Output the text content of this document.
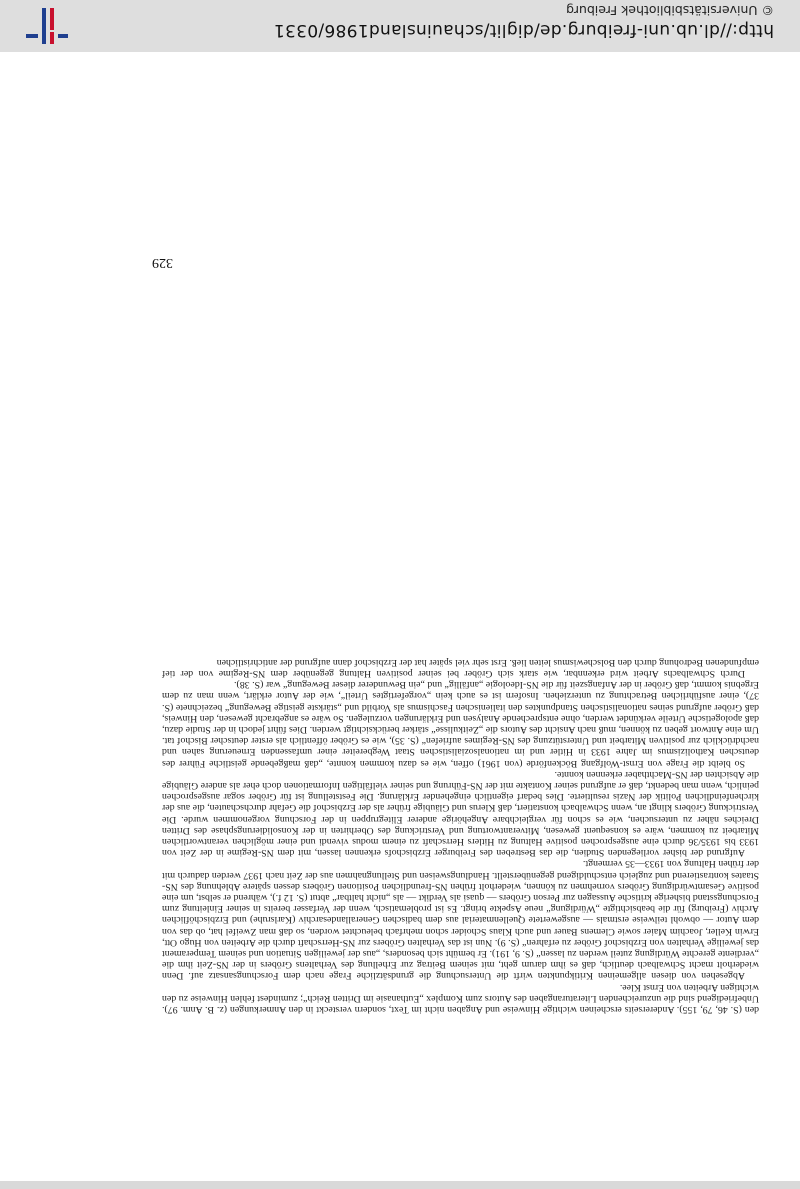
den (S. 46, 79, 155). Andererseits erscheinen wichtige Hinweise und Angaben nicht im Text, sondern versteckt in den Anmerkungen (z. B. Anm. 97). Unbefriedigend sind die unzureichenden Literaturangaben des Autors zum Komplex „Euthanasie im Dritten Reich“; zumindest fehlen Hinweise zu den wichtigen Arbeiten von Ernst Klee.

Abgesehen von diesen allgemeinen Kritikpunkten wirft die Untersuchung die grundsätzliche Frage nach dem Forschungsansatz auf. Denn wiederholt macht Schwalbach deutlich, daß es ihm darum geht, mit seinem Beitrag zur Erhellung des Verhaltens Gröbers in der NS-Zeit ihm die „verdiente gerechte Würdigung zuteil werden zu lassen“ (S. 9, 191). Er bemüht sich besonders, „aus der jeweiligen Situation und seinem Temperament das jeweilige Verhalten von Erzbischof Gröber zu erfahren“ (S. 9). Nun ist das Verhalten Gröbers zur NS-Herrschaft durch die Arbeiten von Hugo Ott, Erwin Keller, Joachim Maier sowie Clemens Bauer und auch Klaus Schoider schon mehrfach beleuchtet worden, so daß man Zweifel hat, ob das von dem Autor — obwohl teilweise erstmals — ausgewertete Quellenmaterial aus dem badischen Generallandesarchiv (Karlsruhe) und Erzbischöflichen Archiv (Freiburg) für die beabsichtigte „Würdigung“ neue Aspekte bringt. Es ist problematisch, wenn der Verfasser bereits in seiner Einleitung zum Forschungsstand bisherige kritische Aussagen zur Person Gröbers — quasi als Verdikt — als „nicht haltbar“ abtut (S. 12 f.), während er selbst, um eine positive Gesamtwürdigung Gröbers vornehmen zu können, wiederholt frühen NS-freundlichen Positionen Gröbers dessen spätere Ablehnung des NS-Staates kontrastierend und zugleich entschuldigend gegenüberstellt. Handlungsweisen und Stellungnahmen aus der Zeit nach 1937 werden dadurch mit der frühen Haltung von 1933—35 vermengt.

Aufgrund der bisher vorliegenden Studien, die das Bestreben des Freiburger Erzbischofs erkennen lassen, mit dem NS-Regime in der Zeit von 1933 bis 1935/36 durch eine ausgesprochen positive Haltung zu Hitlers Herrschaft zu einem modus vivendi und einer möglichen verantwortlichen Mitarbeit zu kommen, wäre es konsequent gewesen, Mitverantwortung und Verstrickung des Oberhirten in der Konsolidierungsphase des Dritten Dreiches näher zu untersuchen, wie es schon für vergleichbare Angehörige anderer Elitegruppen in der Forschung vorgenommen wurde. Die Verstrickung Gröbers klingt an, wenn Schwalbach konstatiert, daß Klerus und Gläubige früher als der Erzbischof die Gefahr durchschauten, die aus der kirchenfeindlichen Politik der Nazis resultierte. Dies bedarf eigentlich eingehender Erklärung. Die Feststellung ist für Gröber sogar ausgesprochen peinlich, wenn man bedenkt, daß er aufgrund seiner Kontakte mit der NS-Führung und seiner vielfältigen Informationen doch eher als andere Gläubige die Absichten der NS-Machthaber erkennen konnte.

So bleibt die Frage von Ernst-Wolfgang Böckenförde (von 1961) offen, wie es dazu kommen konnte, „daß maßgebende geistliche Führer des deutschen Katholizismus im Jahre 1933 in Hitler und im nationalsozialistischen Staat Wegbereiter einer umfassenden Erneuerung sahen und nachdrücklich zur positiven Mitarbeit und Unterstützung des NS-Regimes aufriefen“ (S. 35), wie es Gröber öffentlich als erster deutscher Bischof tat. Um eine Antwort geben zu können, muß nach Ansicht des Autors die „Zeitkulisse“ stärker berücksichtigt werden. Dies führt jedoch in der Studie dazu, daß apologetische Urteile verkündet werden, ohne entsprechende Analysen und Erklärungen vorzulegen. So wäre es angebracht gewesen, den Hinweis, daß Gröber aufgrund seines nationalistischen Standpunktes den italienischen Faschismus als Vorbild und „stärkste geistige Bewegung“ bezeichnete (S. 37), einer ausführlichen Betrachtung zu unterziehen. Insofern ist es auch kein „vorgefertigtes Urteil“, wie der Autor erklärt, wenn man zu dem Ergebnis kommt, daß Gröber in der Anfangszeit für die NS-Ideologie „anfällig“ und „ein Bewunderer dieser Bewegung“ war (S. 38).

Durch Schwalbachs Arbeit wird erkennbar, wie stark sich Gröber bei seiner positiven Haltung gegenüber dem NS-Regime von der tief empfundenen Bedrohung durch den Bolschewismus leiten ließ. Erst sehr viel später hat der Erzbischof dann aufgrund der antichristlichen

329
http://dl.ub.uni-freiburg.de/diglit/schauinsland1986/0331
© Universitätsbibliothek Freiburg
